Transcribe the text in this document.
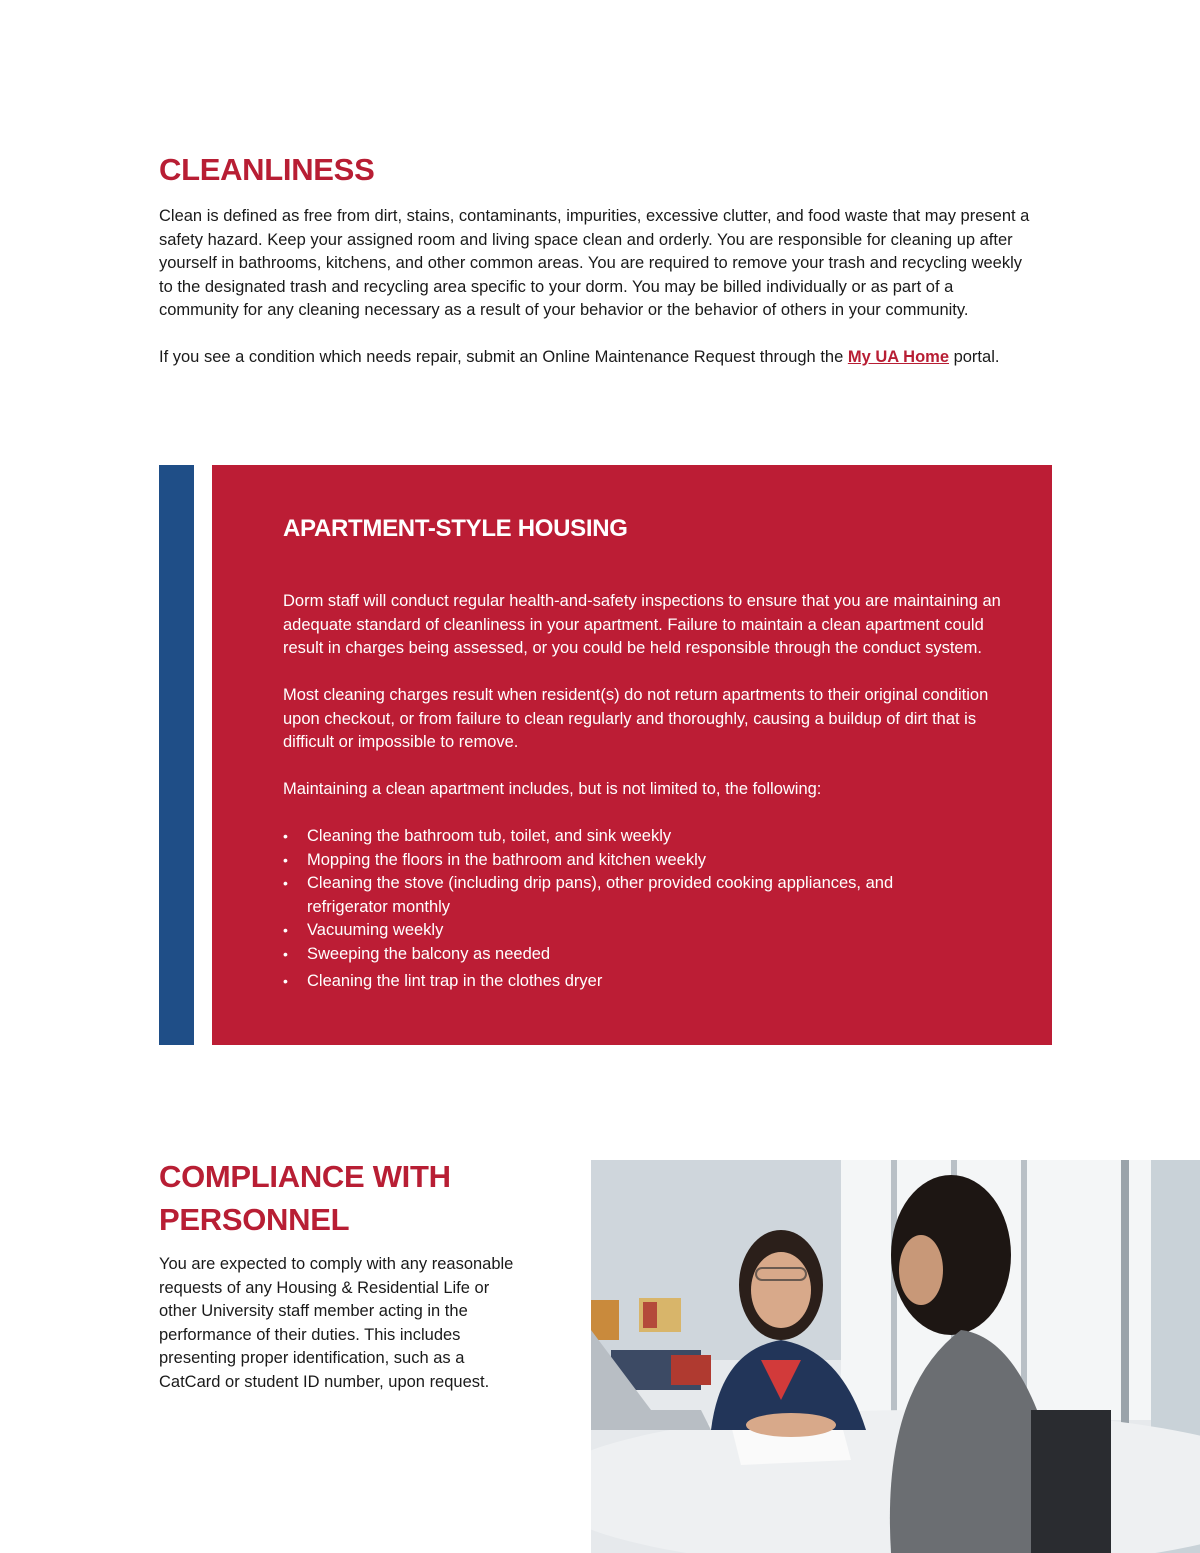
CLEANLINESS

Clean is defined as free from dirt, stains, contaminants, impurities, excessive clutter, and food waste that may present a safety hazard. Keep your assigned room and living space clean and orderly. You are responsible for cleaning up after yourself in bathrooms, kitchens, and other common areas. You are required to remove your trash and recycling weekly to the designated trash and recycling area specific to your dorm. You may be billed individually or as part of a community for any cleaning necessary as a result of your behavior or the behavior of others in your community.

If you see a condition which needs repair, submit an Online Maintenance Request through the My UA Home portal.

APARTMENT-STYLE HOUSING

Dorm staff will conduct regular health-and-safety inspections to ensure that you are maintaining an adequate standard of cleanliness in your apartment. Failure to maintain a clean apartment could result in charges being assessed, or you could be held responsible through the conduct system.

Most cleaning charges result when resident(s) do not return apartments to their original condition upon checkout, or from failure to clean regularly and thoroughly, causing a buildup of dirt that is difficult or impossible to remove.

Maintaining a clean apartment includes, but is not limited to, the following:

• Cleaning the bathroom tub, toilet, and sink weekly
• Mopping the floors in the bathroom and kitchen weekly
• Cleaning the stove (including drip pans), other provided cooking appliances, and refrigerator monthly
• Vacuuming weekly
• Sweeping the balcony as needed
• Cleaning the lint trap in the clothes dryer
COMPLIANCE WITH PERSONNEL

You are expected to comply with any reasonable requests of any Housing & Residential Life or other University staff member acting in the performance of their duties. This includes presenting proper identification, such as a CatCard or student ID number, upon request.
